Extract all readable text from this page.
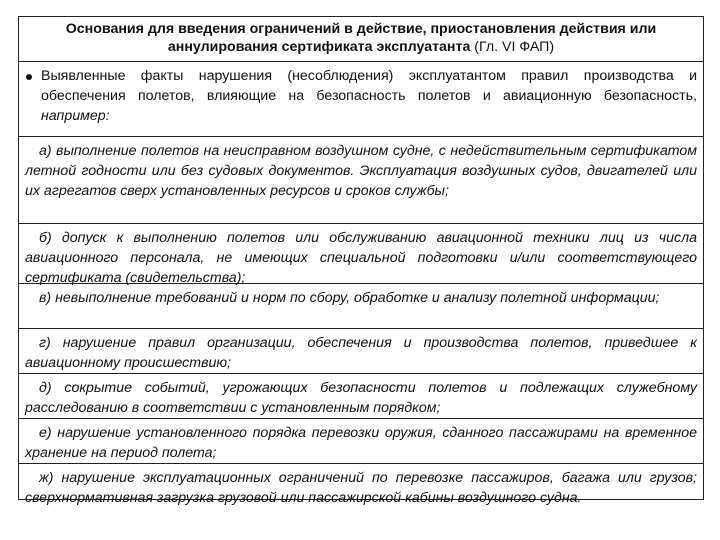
Основания для введения ограничений в действие, приостановления действия или аннулирования сертификата эксплуатанта (Гл. VI ФАП)
Выявленные факты нарушения (несоблюдения) эксплуатантом правил производства и обеспечения полетов, влияющие на безопасность полетов и авиационную безопасность, например:
а) выполнение полетов на неисправном воздушном судне, с недействительным сертификатом летной годности или без судовых документов. Эксплуатация воздушных судов, двигателей или их агрегатов сверх установленных ресурсов и сроков службы;
б) допуск к выполнению полетов или обслуживанию авиационной техники лиц из числа авиационного персонала, не имеющих специальной подготовки и/или соответствующего сертификата (свидетельства);
в) невыполнение требований и норм по сбору, обработке и анализу полетной информации;
г) нарушение правил организации, обеспечения и производства полетов, приведшее к авиационному происшествию;
д) сокрытие событий, угрожающих безопасности полетов и подлежащих служебному расследованию в соответствии с установленным порядком;
е) нарушение установленного порядка перевозки оружия, сданного пассажирами на временное хранение на период полета;
ж) нарушение эксплуатационных ограничений по перевозке пассажиров, багажа или грузов; сверхнормативная загрузка грузовой или пассажирской кабины воздушного судна.
